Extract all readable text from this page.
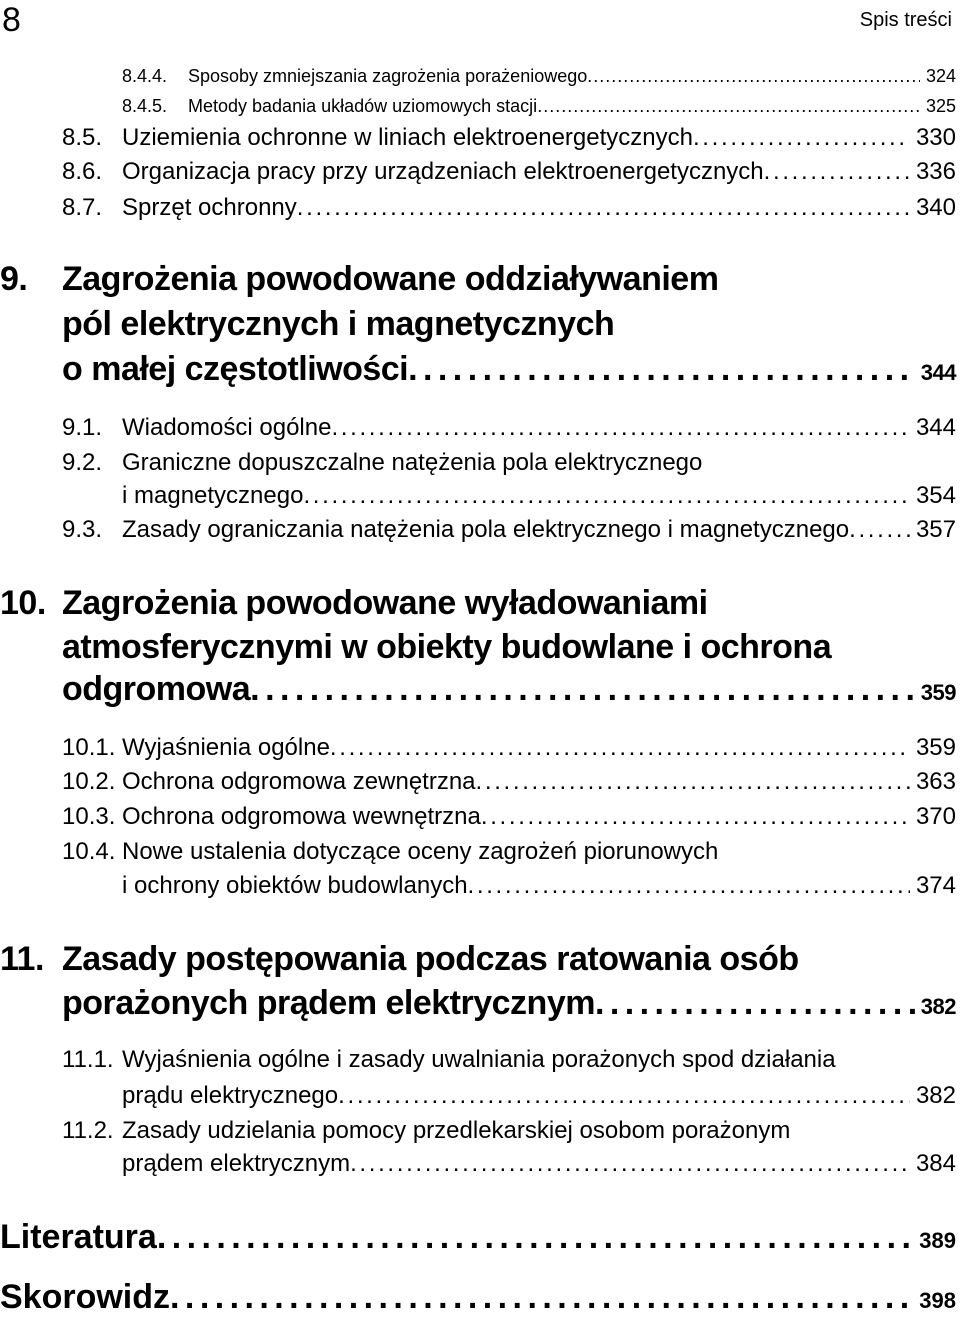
8	Spis treści
8.4.4.	Sposoby zmniejszania zagrożenia porażeniowego . . .	324
8.4.5.	Metody badania układów uziomowych stacji . . .	325
8.5. Uziemienia ochronne w liniach elektroenergetycznych . . .	330
8.6. Organizacja pracy przy urządzeniach elektroenergetycznych . . .	336
8.7. Sprzęt ochronny . . .	340
9. Zagrożenia powodowane oddziaływaniem
pól elektrycznych i magnetycznych
o małej częstotliwości . . .	344
9.1. Wiadomości ogólne . . .	344
9.2. Graniczne dopuszczalne natężenia pola elektrycznego
i magnetycznego . . .	354
9.3. Zasady ograniczania natężenia pola elektrycznego i magnetycznego . . .	357
10. Zagrożenia powodowane wyładowaniami
atmosferycznymi w obiekty budowlane i ochrona
odgromowa . . .	359
10.1. Wyjaśnienia ogólne . . .	359
10.2. Ochrona odgromowa zewnętrzna . . .	363
10.3. Ochrona odgromowa wewnętrzna . . .	370
10.4. Nowe ustalenia dotyczące oceny zagrożeń piorunowych
i ochrony obiektów budowlanych . . .	374
11. Zasady postępowania podczas ratowania osób
porażonych prądem elektrycznym . . .	382
11.1. Wyjaśnienia ogólne i zasady uwalniania porażonych spod działania
prądu elektrycznego . . .	382
11.2. Zasady udzielania pomocy przedlekarskiej osobom porażonym
prądem elektrycznym . . .	384
Literatura . . .	389
Skorowidz . . .	398
